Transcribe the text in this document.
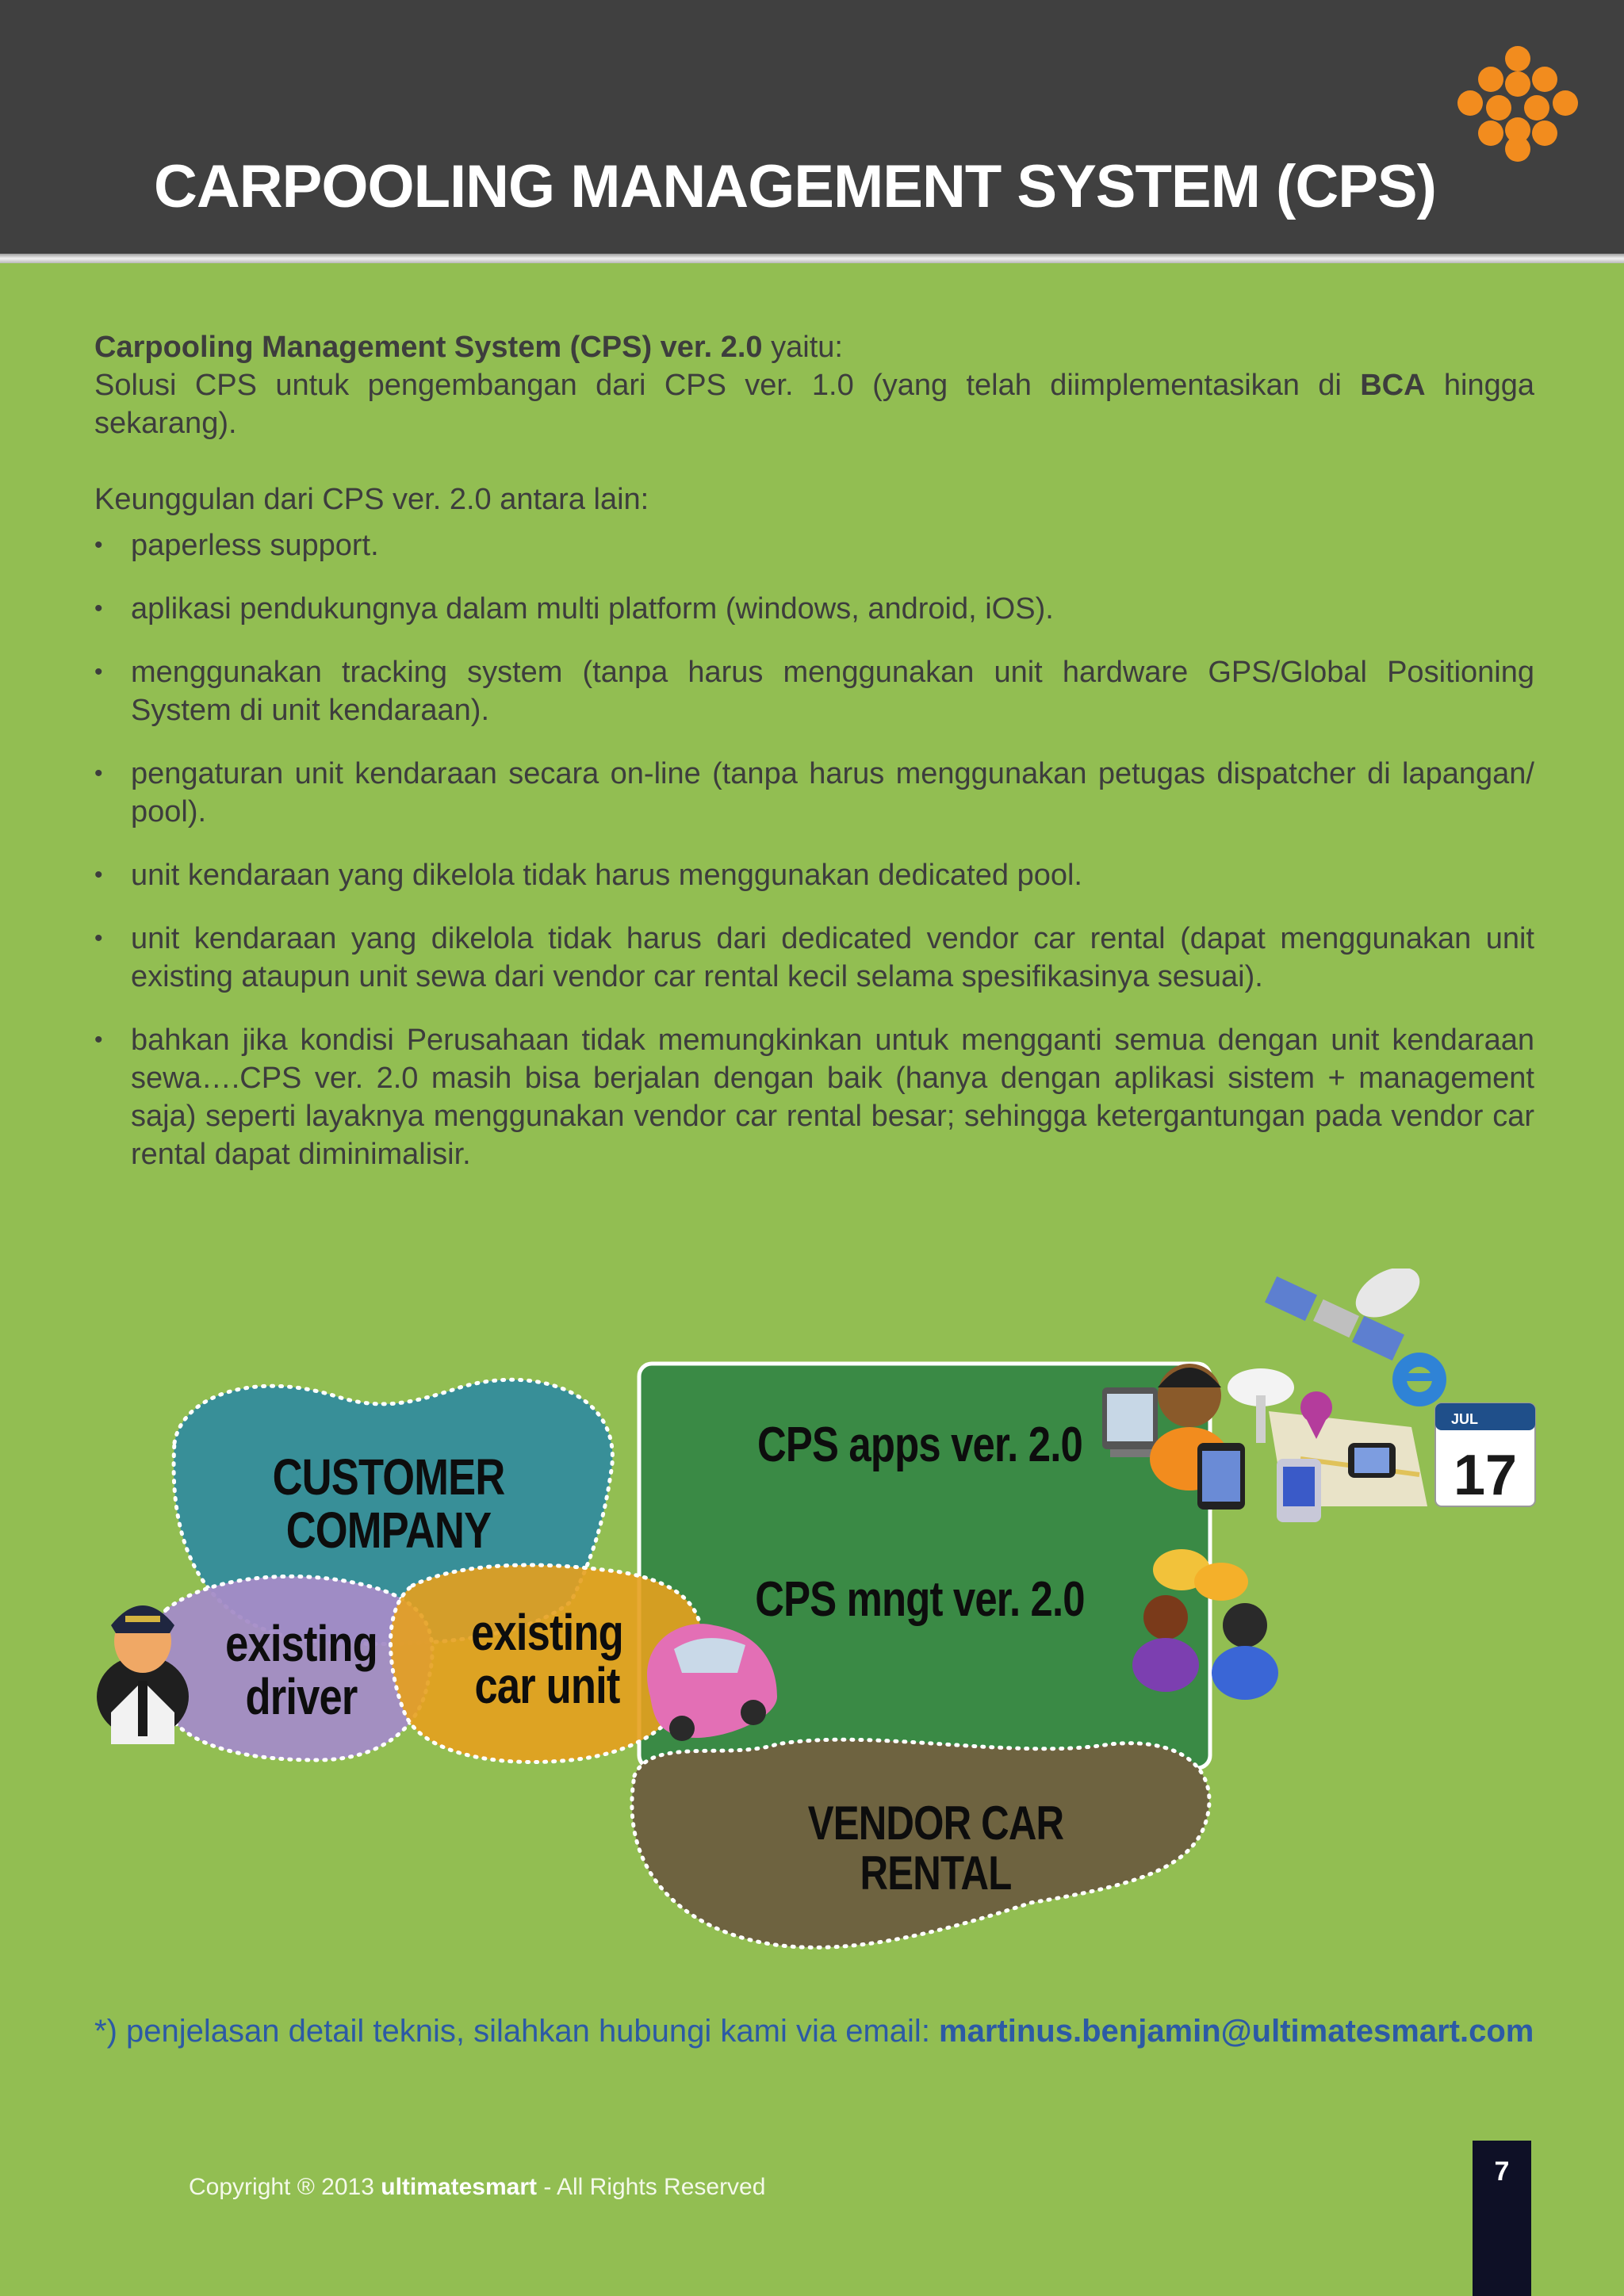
CARPOOLING MANAGEMENT SYSTEM (CPS)

Carpooling Management System (CPS) ver. 2.0 yaitu:

Solusi CPS untuk pengembangan dari CPS ver. 1.0 (yang telah diimplementasikan di BCA hingga sekarang).

Keunggulan dari CPS ver. 2.0 antara lain:

• paperless support.
• aplikasi pendukungnya dalam multi platform (windows, android, iOS).
• menggunakan tracking system (tanpa harus menggunakan unit hardware GPS/Global Positioning System di unit kendaraan).
• pengaturan unit kendaraan secara on-line (tanpa harus menggunakan petugas dispatcher di lapangan/ pool).
• unit kendaraan yang dikelola tidak harus menggunakan dedicated pool.
• unit kendaraan yang dikelola tidak harus dari dedicated vendor car rental (dapat menggunakan unit existing ataupun unit sewa dari vendor car rental kecil selama spesifikasinya sesuai).
• bahkan jika kondisi Perusahaan tidak memungkinkan untuk mengganti semua dengan unit kendaraan sewa….CPS ver. 2.0 masih bisa berjalan dengan baik (hanya dengan aplikasi sistem + management saja) seperti layaknya menggunakan vendor car rental besar; sehingga ketergantungan pada vendor car rental dapat diminimalisir.
JUL
17
CUSTOMER
COMPANY
existing
driver
existing
car unit
CPS apps ver. 2.0
CPS mngt ver. 2.0
VENDOR CAR
RENTAL
*) penjelasan detail teknis, silahkan hubungi kami via email: martinus.benjamin@ultimatesmart.com
Copyright ® 2013 ultimatesmart - All Rights Reserved
7
